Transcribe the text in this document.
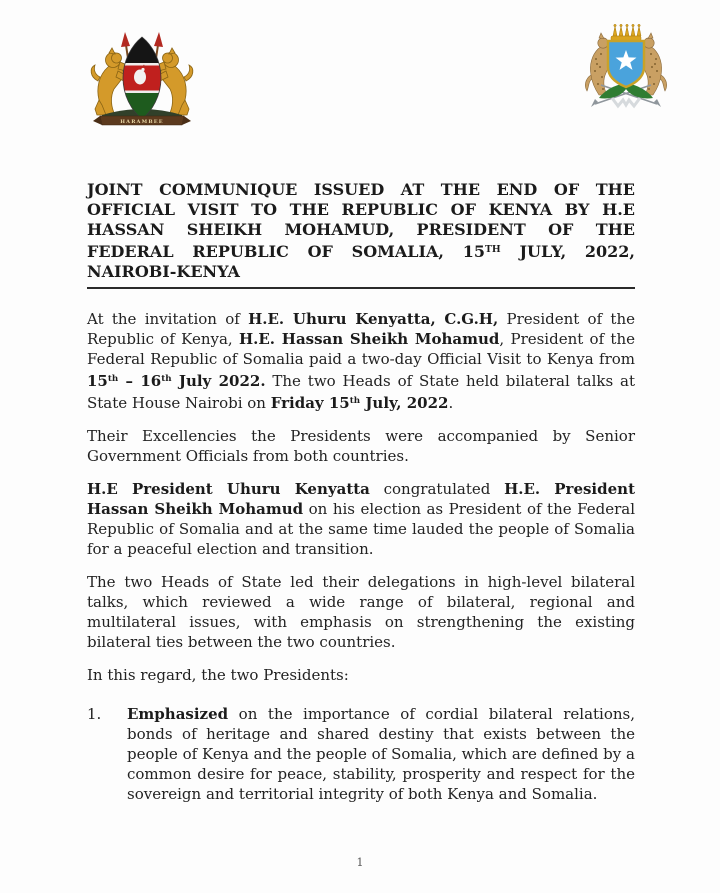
HARAMBEE
JOINT COMMUNIQUE ISSUED AT THE END OF THE OFFICIAL VISIT TO THE REPUBLIC OF KENYA BY H.E HASSAN SHEIKH MOHAMUD, PRESIDENT OF THE FEDERAL REPUBLIC OF SOMALIA, 15TH JULY, 2022, NAIROBI-KENYA

At the invitation of H.E. Uhuru Kenyatta, C.G.H, President of the Republic of Kenya, H.E. Hassan Sheikh Mohamud, President of the Federal Republic of Somalia paid a two-day Official Visit to Kenya from 15th – 16th July 2022. The two Heads of State held bilateral talks at State House Nairobi on Friday 15th July, 2022.

Their Excellencies the Presidents were accompanied by Senior Government Officials from both countries.

H.E President Uhuru Kenyatta congratulated H.E. President Hassan Sheikh Mohamud on his election as President of the Federal Republic of Somalia and at the same time lauded the people of Somalia for a peaceful election and transition.

The two Heads of State led their delegations in high-level bilateral talks, which reviewed a wide range of bilateral, regional and multilateral issues, with emphasis on strengthening the existing bilateral ties between the two countries.

In this regard, the two Presidents:

1.	Emphasized on the importance of cordial bilateral relations, bonds of heritage and shared destiny that exists between the people of Kenya and the people of Somalia, which are defined by a common desire for peace, stability, prosperity and respect for the sovereign and territorial integrity of both Kenya and Somalia.
1
